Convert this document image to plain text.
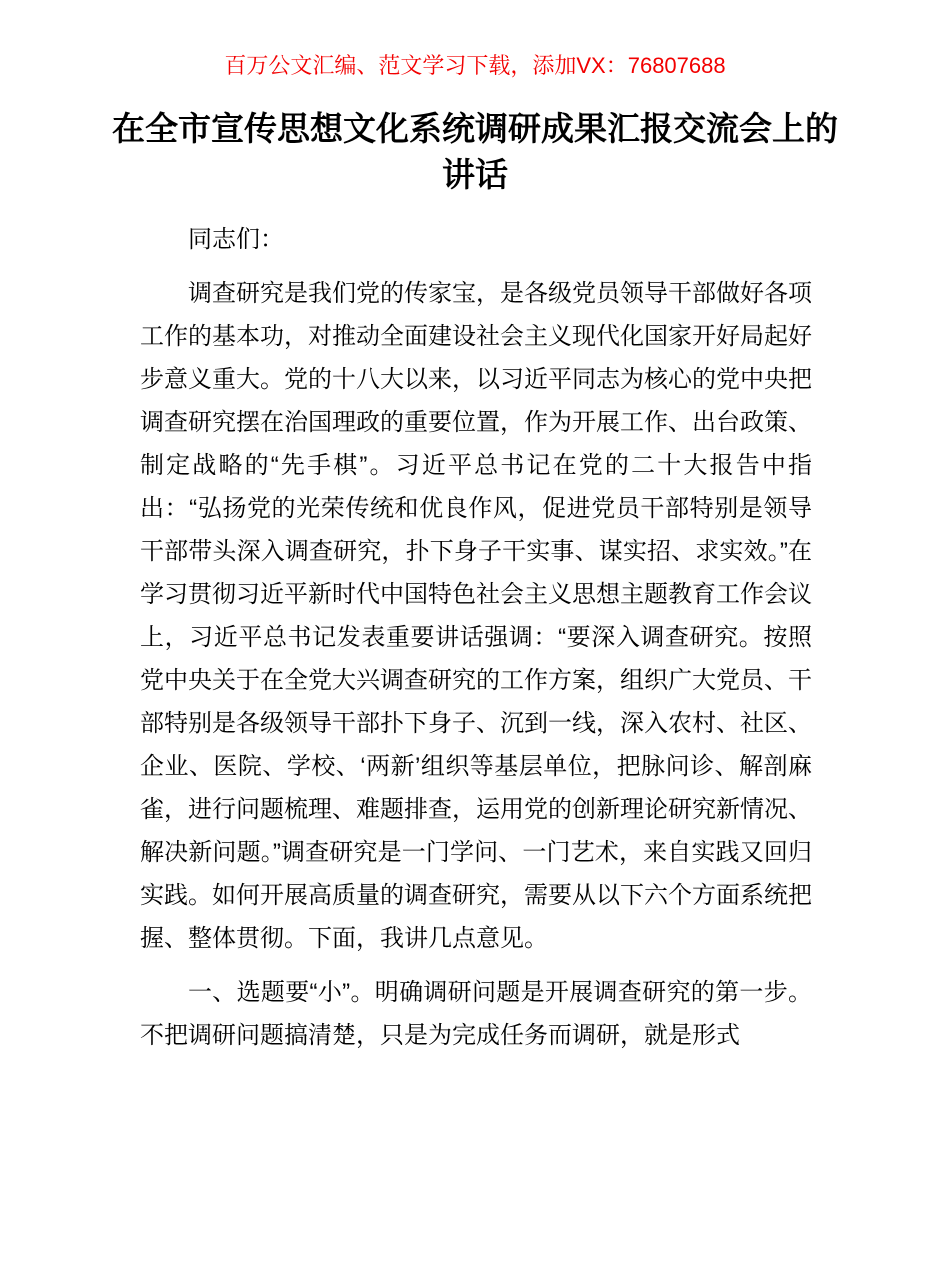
百万公文汇编、范文学习下载，添加VX：76807688
在全市宣传思想文化系统调研成果汇报交流会上的讲话

同志们：

调查研究是我们党的传家宝，是各级党员领导干部做好各项工作的基本功，对推动全面建设社会主义现代化国家开好局起好步意义重大。党的十八大以来，以习近平同志为核心的党中央把调查研究摆在治国理政的重要位置，作为开展工作、出台政策、制定战略的“先手棋”。习近平总书记在党的二十大报告中指出：“弘扬党的光荣传统和优良作风，促进党员干部特别是领导干部带头深入调查研究，扑下身子干实事、谋实招、求实效。”在学习贯彻习近平新时代中国特色社会主义思想主题教育工作会议上，习近平总书记发表重要讲话强调：“要深入调查研究。按照党中央关于在全党大兴调查研究的工作方案，组织广大党员、干部特别是各级领导干部扑下身子、沉到一线，深入农村、社区、企业、医院、学校、‘两新’组织等基层单位，把脉问诊、解剖麻雀，进行问题梳理、难题排查，运用党的创新理论研究新情况、解决新问题。”调查研究是一门学问、一门艺术，来自实践又回归实践。如何开展高质量的调查研究，需要从以下六个方面系统把握、整体贯彻。下面，我讲几点意见。

一、选题要“小”。明确调研问题是开展调查研究的第一步。不把调研问题搞清楚，只是为完成任务而调研，就是形式
